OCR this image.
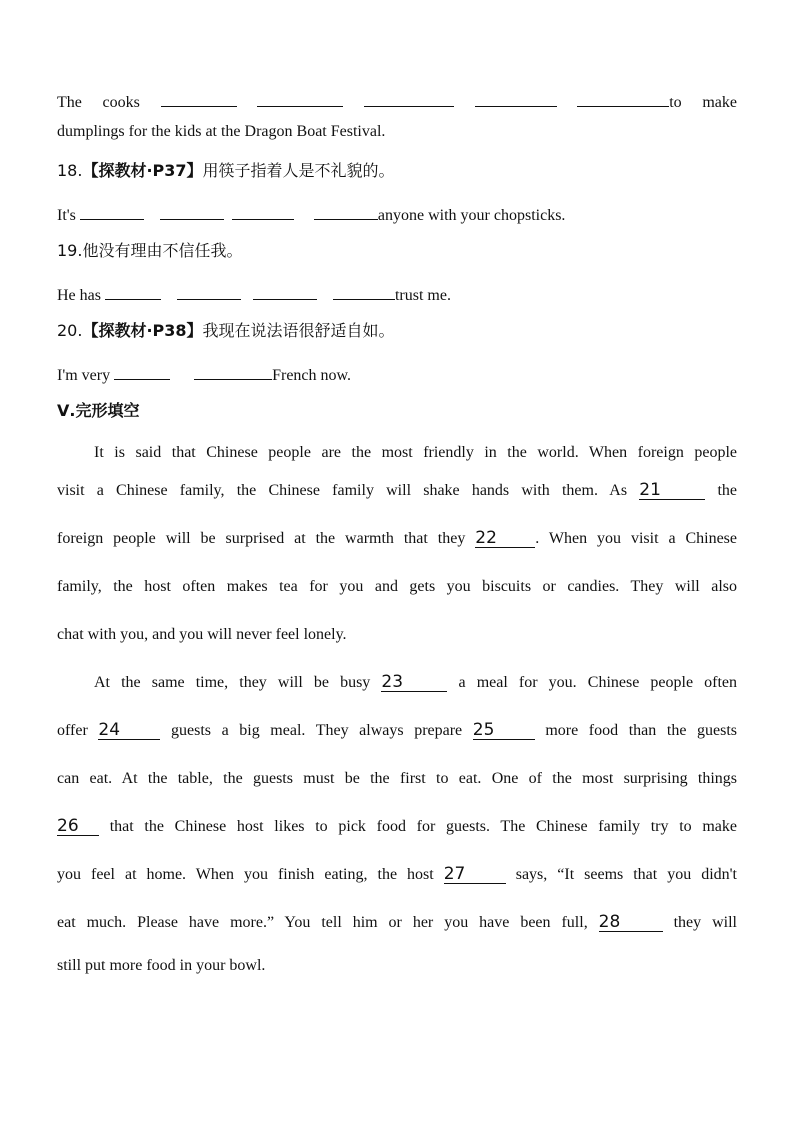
The cooks	to make
dumplings for the kids at the Dragon Boat Festival.
18.【探教材·P37】用筷子指着人是不礼貌的。
It's	anyone with your chopsticks.
19.他没有理由不信任我。
He has	trust me.
20.【探教材·P38】我现在说法语很舒适自如。
I'm very	French now.
Ⅴ.完形填空
It is said that Chinese people are the most friendly in the world. When foreign people
visit a Chinese family, the Chinese family will shake hands with them. As 21	the
foreign people will be surprised at the warmth that they 22 . When you visit a Chinese
family, the host often makes tea for you and gets you biscuits or candies. They will also
chat with you, and you will never feel lonely.
At the same time, they will be busy 23	a meal for you. Chinese people often
offer 24	guests a big meal. They always prepare 25	more food than the guests
can eat. At the table, the guests must be the first to eat. One of the most surprising things
26 that the Chinese host likes to pick food for guests. The Chinese family try to make
you feel at home. When you finish eating, the host 27	says, “It seems that you didn't
eat much. Please have more.” You tell him or her you have been full, 28	they will
still put more food in your bowl.
